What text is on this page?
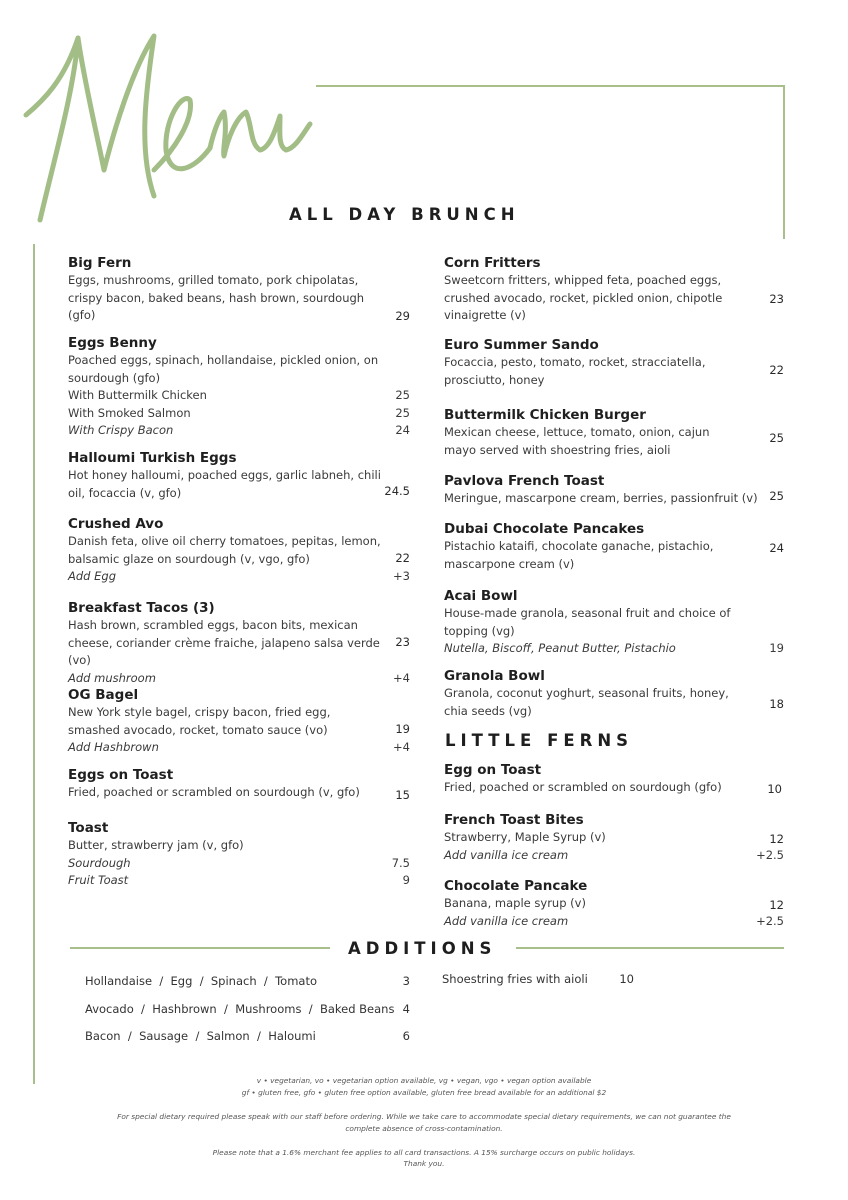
ALL DAY BRUNCH
LITTLE FERNS
ADDITIONS
Big Fern
Eggs, mushrooms, grilled tomato, pork chipolatas, crispy bacon, baked beans, hash brown, sourdough (gfo)	29
Eggs Benny
Poached eggs, spinach, hollandaise, pickled onion, on sourdough (gfo)
With Buttermilk Chicken	25
With Smoked Salmon	25
With Crispy Bacon	24
Halloumi Turkish Eggs
Hot honey halloumi, poached eggs, garlic labneh, chili oil, focaccia (v, gfo)	24.5
Crushed Avo
Danish feta, olive oil cherry tomatoes, pepitas, lemon, balsamic glaze on sourdough (v, vgo, gfo)	22
Add Egg	+3
Breakfast Tacos (3)
Hash brown, scrambled eggs, bacon bits, mexican cheese, coriander crème fraiche, jalapeno salsa verde (vo)
23
Add mushroom	+4
OG Bagel
New York style bagel, crispy bacon, fried egg, smashed avocado, rocket, tomato sauce (vo)	19
Add Hashbrown	+4
Eggs on Toast
Fried, poached or scrambled on sourdough (v, gfo)	15
Toast
Butter, strawberry jam (v, gfo)
Sourdough	7.5
Fruit Toast	9
Corn Fritters
Sweetcorn fritters, whipped feta, poached eggs, crushed avocado, rocket, pickled onion, chipotle vinaigrette (v)
23
Euro Summer Sando
Focaccia, pesto, tomato, rocket, stracciatella, prosciutto, honey
22
Buttermilk Chicken Burger
Mexican cheese, lettuce, tomato, onion, cajun mayo served with shoestring fries, aioli
25
Pavlova French Toast
Meringue, mascarpone cream, berries, passionfruit (v) 25
Dubai Chocolate Pancakes
Pistachio kataifi, chocolate ganache, pistachio, mascarpone cream (v)
24
Acai Bowl
House-made granola, seasonal fruit and choice of topping (vg)
Nutella, Biscoff, Peanut Butter, Pistachio	19
Granola Bowl
Granola, coconut yoghurt, seasonal fruits, honey, chia seeds (vg)	18
Egg on Toast
Fried, poached or scrambled on sourdough (gfo)	10
French Toast Bites
Strawberry, Maple Syrup (v)	12
Add vanilla ice cream	+2.5
Chocolate Pancake
Banana, maple syrup (v)	12
Add vanilla ice cream	+2.5
Hollandaise  /  Egg  /  Spinach  /  Tomato	3
Avocado  /  Hashbrown  /  Mushrooms  /  Baked Beans 4
Bacon  /  Sausage  /  Salmon  /  Haloumi	6
Shoestring fries with aioli	10
v • vegetarian, vo • vegetarian option available, vg • vegan, vgo • vegan option available
gf • gluten free, gfo • gluten free option available, gluten free bread available for an additional $2
For special dietary required please speak with our staff before ordering. While we take care to accommodate special dietary requirements, we can not guarantee the complete absence of cross-contamination.
Please note that a 1.6% merchant fee applies to all card transactions. A 15% surcharge occurs on public holidays.
Thank you.
